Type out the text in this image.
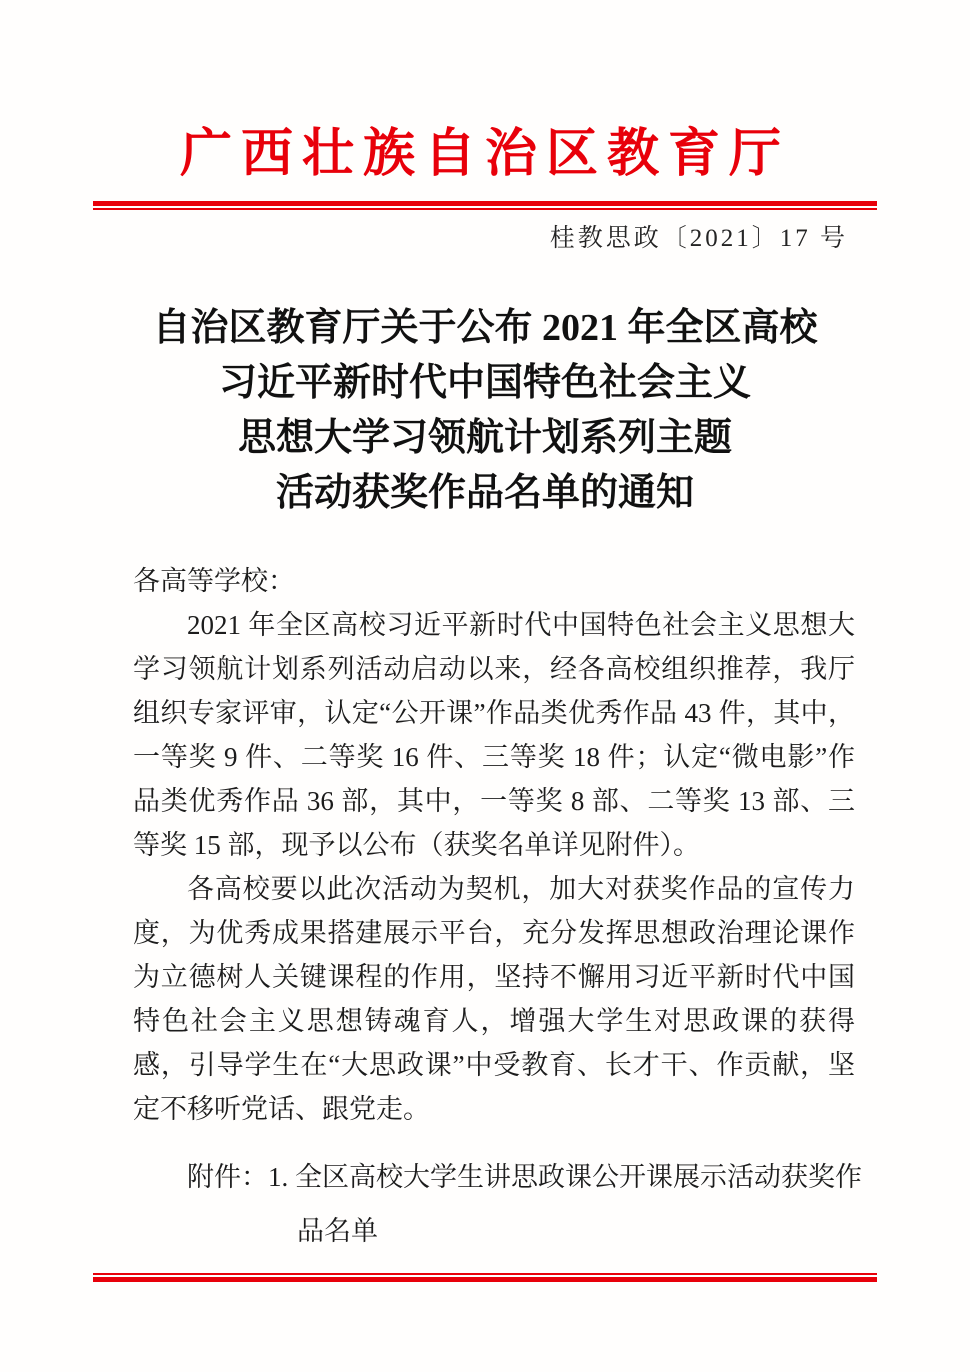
广西壮族自治区教育厅
桂教思政〔2021〕17 号
自治区教育厅关于公布 2021 年全区高校
习近平新时代中国特色社会主义
思想大学习领航计划系列主题
活动获奖作品名单的通知

各高等学校：

2021 年全区高校习近平新时代中国特色社会主义思想大学习领航计划系列活动启动以来，经各高校组织推荐，我厅组织专家评审，认定“公开课”作品类优秀作品 43 件，其中，一等奖 9 件、二等奖 16 件、三等奖 18 件；认定“微电影”作品类优秀作品 36 部，其中，一等奖 8 部、二等奖 13 部、三等奖 15 部，现予以公布（获奖名单详见附件）。

各高校要以此次活动为契机，加大对获奖作品的宣传力度，为优秀成果搭建展示平台，充分发挥思想政治理论课作为立德树人关键课程的作用，坚持不懈用习近平新时代中国特色社会主义思想铸魂育人，增强大学生对思政课的获得感，引导学生在“大思政课”中受教育、长才干、作贡献，坚定不移听党话、跟党走。

附件：1. 全区高校大学生讲思政课公开课展示活动获奖作
品名单
